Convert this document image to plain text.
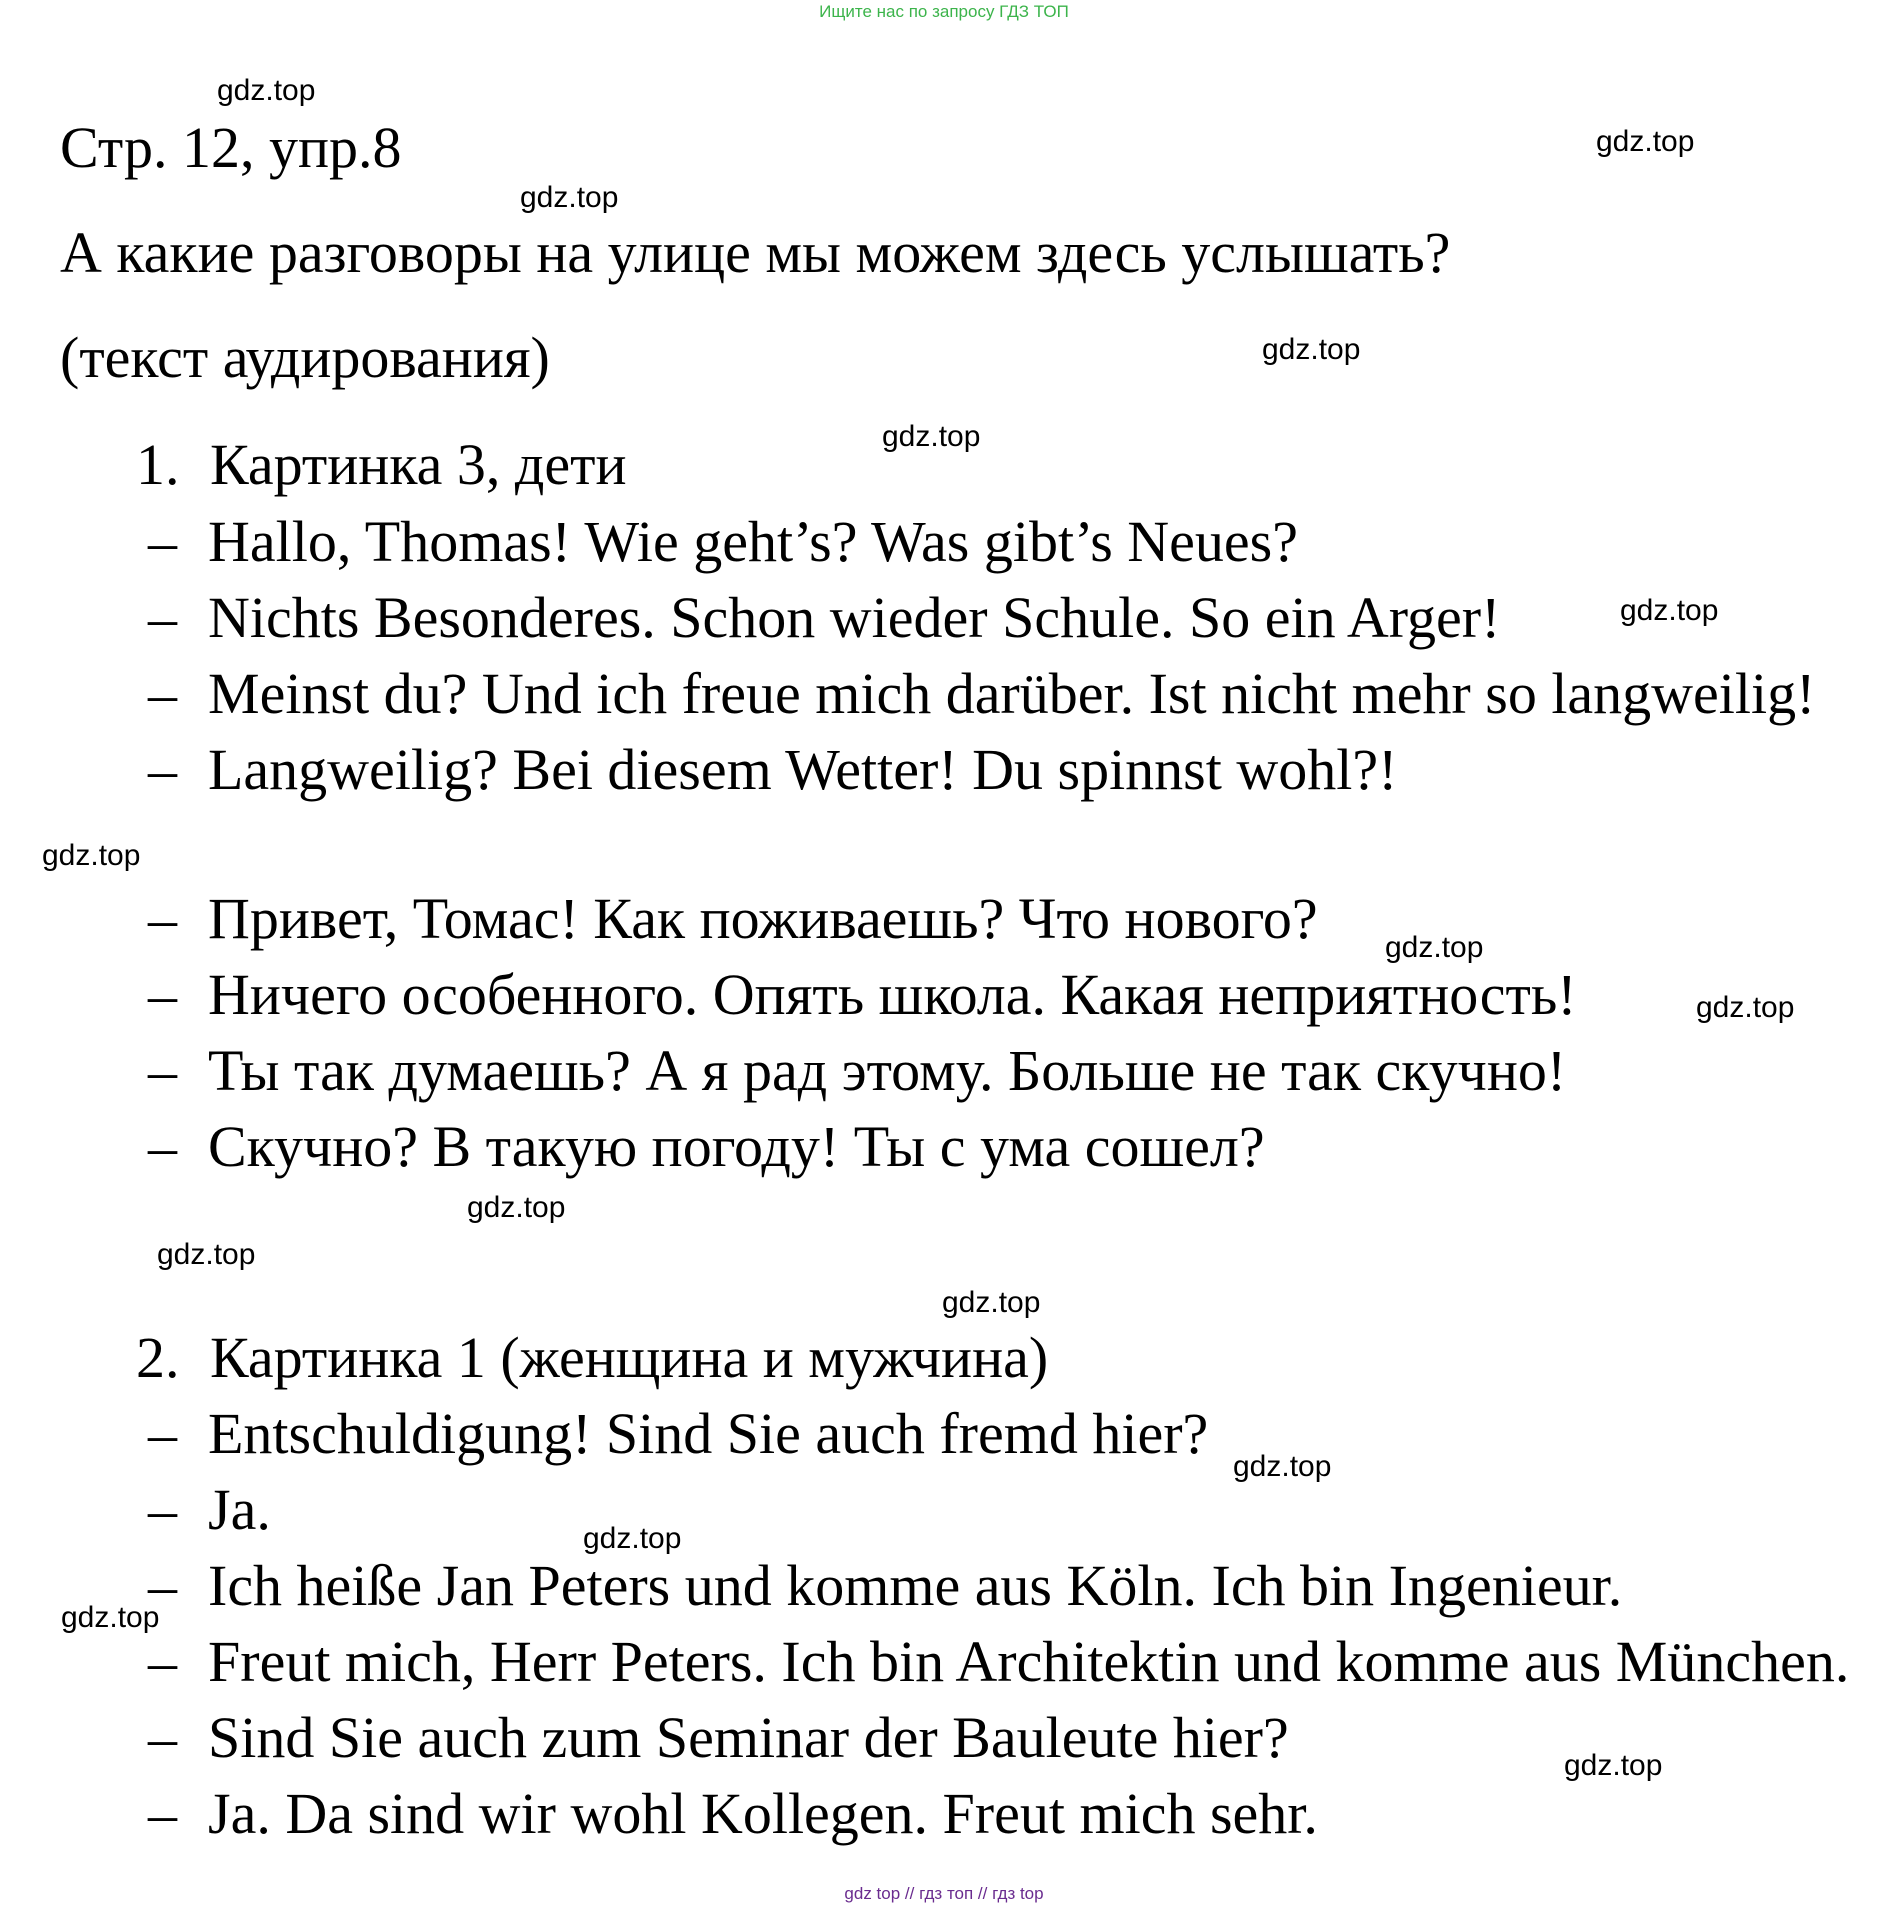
Ищите нас по запросу ГДЗ ТОП
Стр. 12, упр.8
А какие разговоры на улице мы можем здесь услышать?
(текст аудирования)
1. Картинка 3, дети
– Hallo, Thomas! Wie geht’s? Was gibt’s Neues?
– Nichts Besonderes. Schon wieder Schule. So ein Arger!
– Meinst du? Und ich freue mich darüber. Ist nicht mehr so langweilig!
– Langweilig? Bei diesem Wetter! Du spinnst wohl?!
– Привет, Томас! Как поживаешь? Что нового?
– Ничего особенного. Опять школа. Какая неприятность!
– Ты так думаешь? А я рад этому. Больше не так скучно!
– Скучно? В такую погоду! Ты с ума сошел?
2. Картинка 1 (женщина и мужчина)
– Entschuldigung! Sind Sie auch fremd hier?
– Ja.
– Ich heiße Jan Peters und komme aus Köln. Ich bin Ingenieur.
– Freut mich, Herr Peters. Ich bin Architektin und komme aus München.
– Sind Sie auch zum Seminar der Bauleute hier?
– Ja. Da sind wir wohl Kollegen. Freut mich sehr.
gdz.top
gdz.top
gdz.top
gdz.top
gdz.top
gdz.top
gdz.top
gdz.top
gdz.top
gdz.top
gdz.top
gdz.top
gdz.top
gdz.top
gdz.top
gdz.top
gdz top // гдз топ // гдз top
